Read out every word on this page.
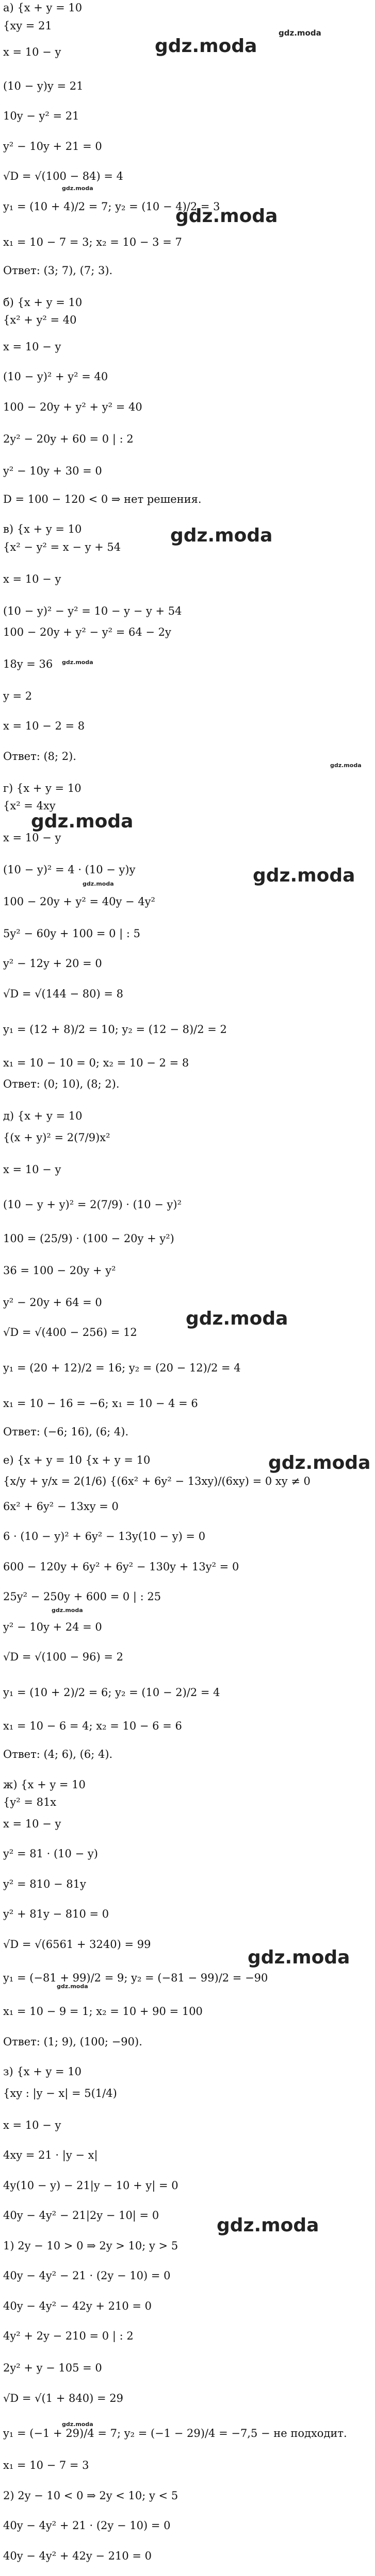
а) {x + y = 10
{xy = 21
x = 10 − y
(10 − y)y = 21
10y − y² = 21
y² − 10y + 21 = 0
√D = √(100 − 84) = 4
y₁ = (10 + 4)/2 = 7; y₂ = (10 − 4)/2 = 3
x₁ = 10 − 7 = 3; x₂ = 10 − 3 = 7
Ответ: (3; 7), (7; 3).
б) {x + y = 10
{x² + y² = 40
x = 10 − y
(10 − y)² + y² = 40
100 − 20y + y² + y² = 40
2y² − 20y + 60 = 0 | : 2
y² − 10y + 30 = 0
D = 100 − 120 < 0 ⇒ нет решения.
в) {x + y = 10
{x² − y² = x − y + 54
x = 10 − y
(10 − y)² − y² = 10 − y − y + 54
100 − 20y + y² − y² = 64 − 2y
18y = 36
y = 2
x = 10 − 2 = 8
Ответ: (8; 2).
г) {x + y = 10
{x² = 4xy
x = 10 − y
(10 − y)² = 4 · (10 − y)y
100 − 20y + y² = 40y − 4y²
5y² − 60y + 100 = 0 | : 5
y² − 12y + 20 = 0
√D = √(144 − 80) = 8
y₁ = (12 + 8)/2 = 10; y₂ = (12 − 8)/2 = 2
x₁ = 10 − 10 = 0; x₂ = 10 − 2 = 8
Ответ: (0; 10), (8; 2).
д) {x + y = 10
{(x + y)² = 2(7/9)x²
x = 10 − y
(10 − y + y)² = 2(7/9) · (10 − y)²
100 = (25/9) · (100 − 20y + y²)
36 = 100 − 20y + y²
y² − 20y + 64 = 0
√D = √(400 − 256) = 12
y₁ = (20 + 12)/2 = 16; y₂ = (20 − 12)/2 = 4
x₁ = 10 − 16 = −6; x₁ = 10 − 4 = 6
Ответ: (−6; 16), (6; 4).
е) {x + y = 10 {x + y = 10
{x/y + y/x = 2(1/6) {(6x² + 6y² − 13xy)/(6xy) = 0 xy ≠ 0
6x² + 6y² − 13xy = 0
6 · (10 − y)² + 6y² − 13y(10 − y) = 0
600 − 120y + 6y² + 6y² − 130y + 13y² = 0
25y² − 250y + 600 = 0 | : 25
y² − 10y + 24 = 0
√D = √(100 − 96) = 2
y₁ = (10 + 2)/2 = 6; y₂ = (10 − 2)/2 = 4
x₁ = 10 − 6 = 4; x₂ = 10 − 6 = 6
Ответ: (4; 6), (6; 4).
ж) {x + y = 10
{y² = 81x
x = 10 − y
y² = 81 · (10 − y)
y² = 810 − 81y
y² + 81y − 810 = 0
√D = √(6561 + 3240) = 99
y₁ = (−81 + 99)/2 = 9; y₂ = (−81 − 99)/2 = −90
x₁ = 10 − 9 = 1; x₂ = 10 + 90 = 100
Ответ: (1; 9), (100; −90).
з) {x + y = 10
{xy : |y − x| = 5(1/4)
x = 10 − y
4xy = 21 · |y − x|
4y(10 − y) − 21|y − 10 + y| = 0
40y − 4y² − 21|2y − 10| = 0
1) 2y − 10 > 0 ⇒ 2y > 10; y > 5
40y − 4y² − 21 · (2y − 10) = 0
40y − 4y² − 42y + 210 = 0
4y² + 2y − 210 = 0 | : 2
2y² + y − 105 = 0
√D = √(1 + 840) = 29
y₁ = (−1 + 29)/4 = 7; y₂ = (−1 − 29)/4 = −7,5 − не подходит.
x₁ = 10 − 7 = 3
2) 2y − 10 < 0 ⇒ 2y < 10; y < 5
40y − 4y² + 21 · (2y − 10) = 0
40y − 4y² + 42y − 210 = 0
gdz.moda
gdz.moda
gdz.moda
gdz.moda
gdz.moda
gdz.moda
gdz.moda
gdz.moda
gdz.moda
gdz.moda
gdz.moda
gdz.moda
gdz.moda
gdz.moda
gdz.moda
gdz.moda
gdz.moda
